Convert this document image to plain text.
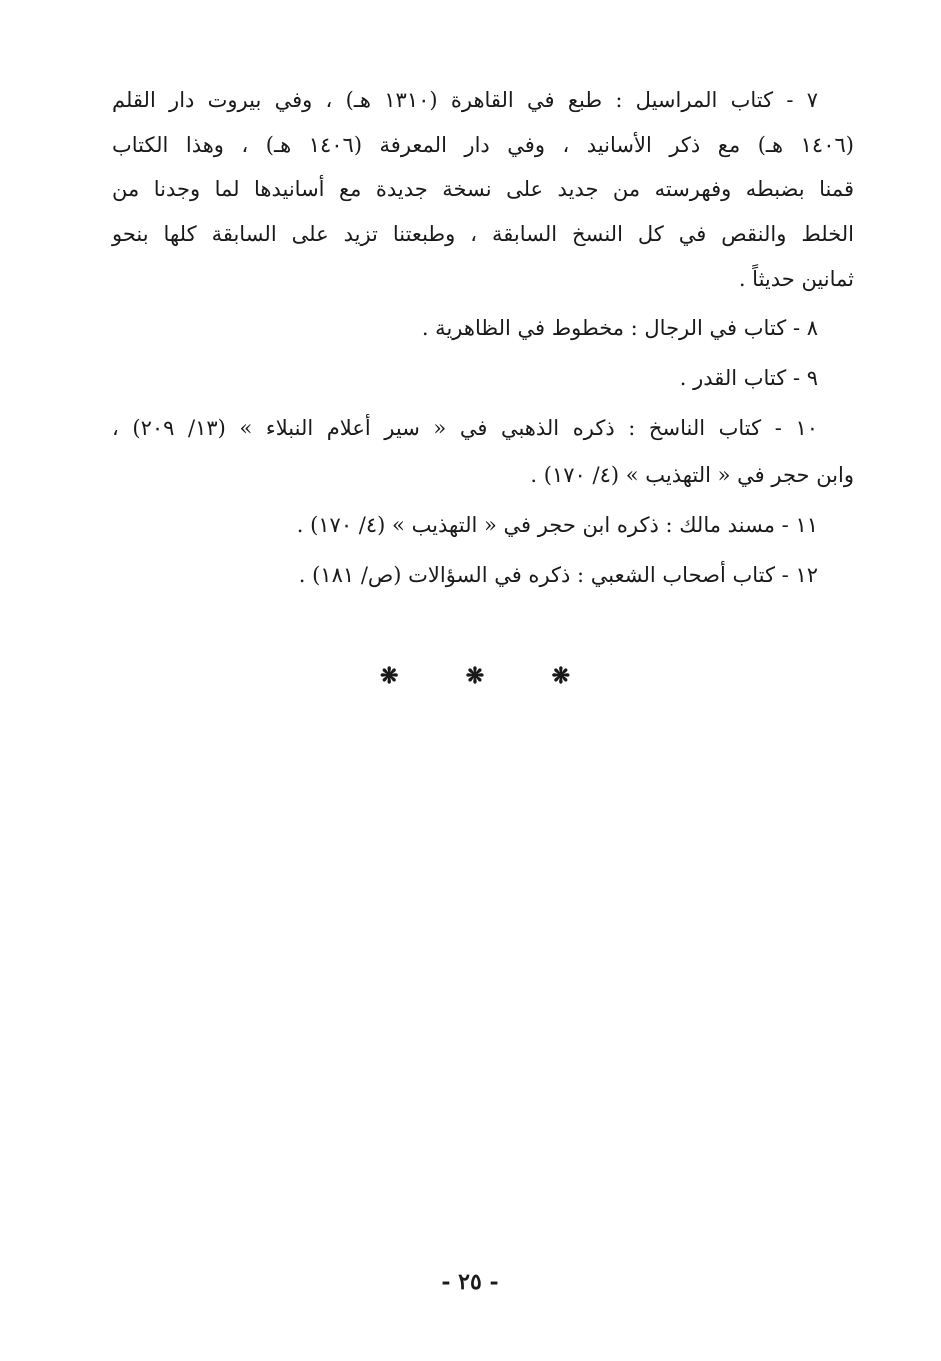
٧ - كتاب المراسيل : طبع في القاهرة (١٣١٠ هـ) ، وفي بيروت دار القلم
(١٤٠٦ هـ) مع ذكر الأسانيد ، وفي دار المعرفة (١٤٠٦ هـ) ، وهذا الكتاب
قمنا بضبطه وفهرسته من جديد على نسخة جديدة مع أسانيدها لما وجدنا من
الخلط والنقص في كل النسخ السابقة ، وطبعتنا تزيد على السابقة كلها بنحو
ثمانين حديثاً .
٨ - كتاب في الرجال : مخطوط في الظاهرية .
٩ - كتاب القدر .
١٠ - كتاب الناسخ : ذكره الذهبي في « سير أعلام النبلاء » (١٣/ ٢٠٩) ،
وابن حجر في « التهذيب » (٤/ ١٧٠) .
١١ - مسند مالك : ذكره ابن حجر في « التهذيب » (٤/ ١٧٠) .
١٢ - كتاب أصحاب الشعبي : ذكره في السؤالات (ص/ ١٨١) .
❋	❋	❋
- ٢٥ -
